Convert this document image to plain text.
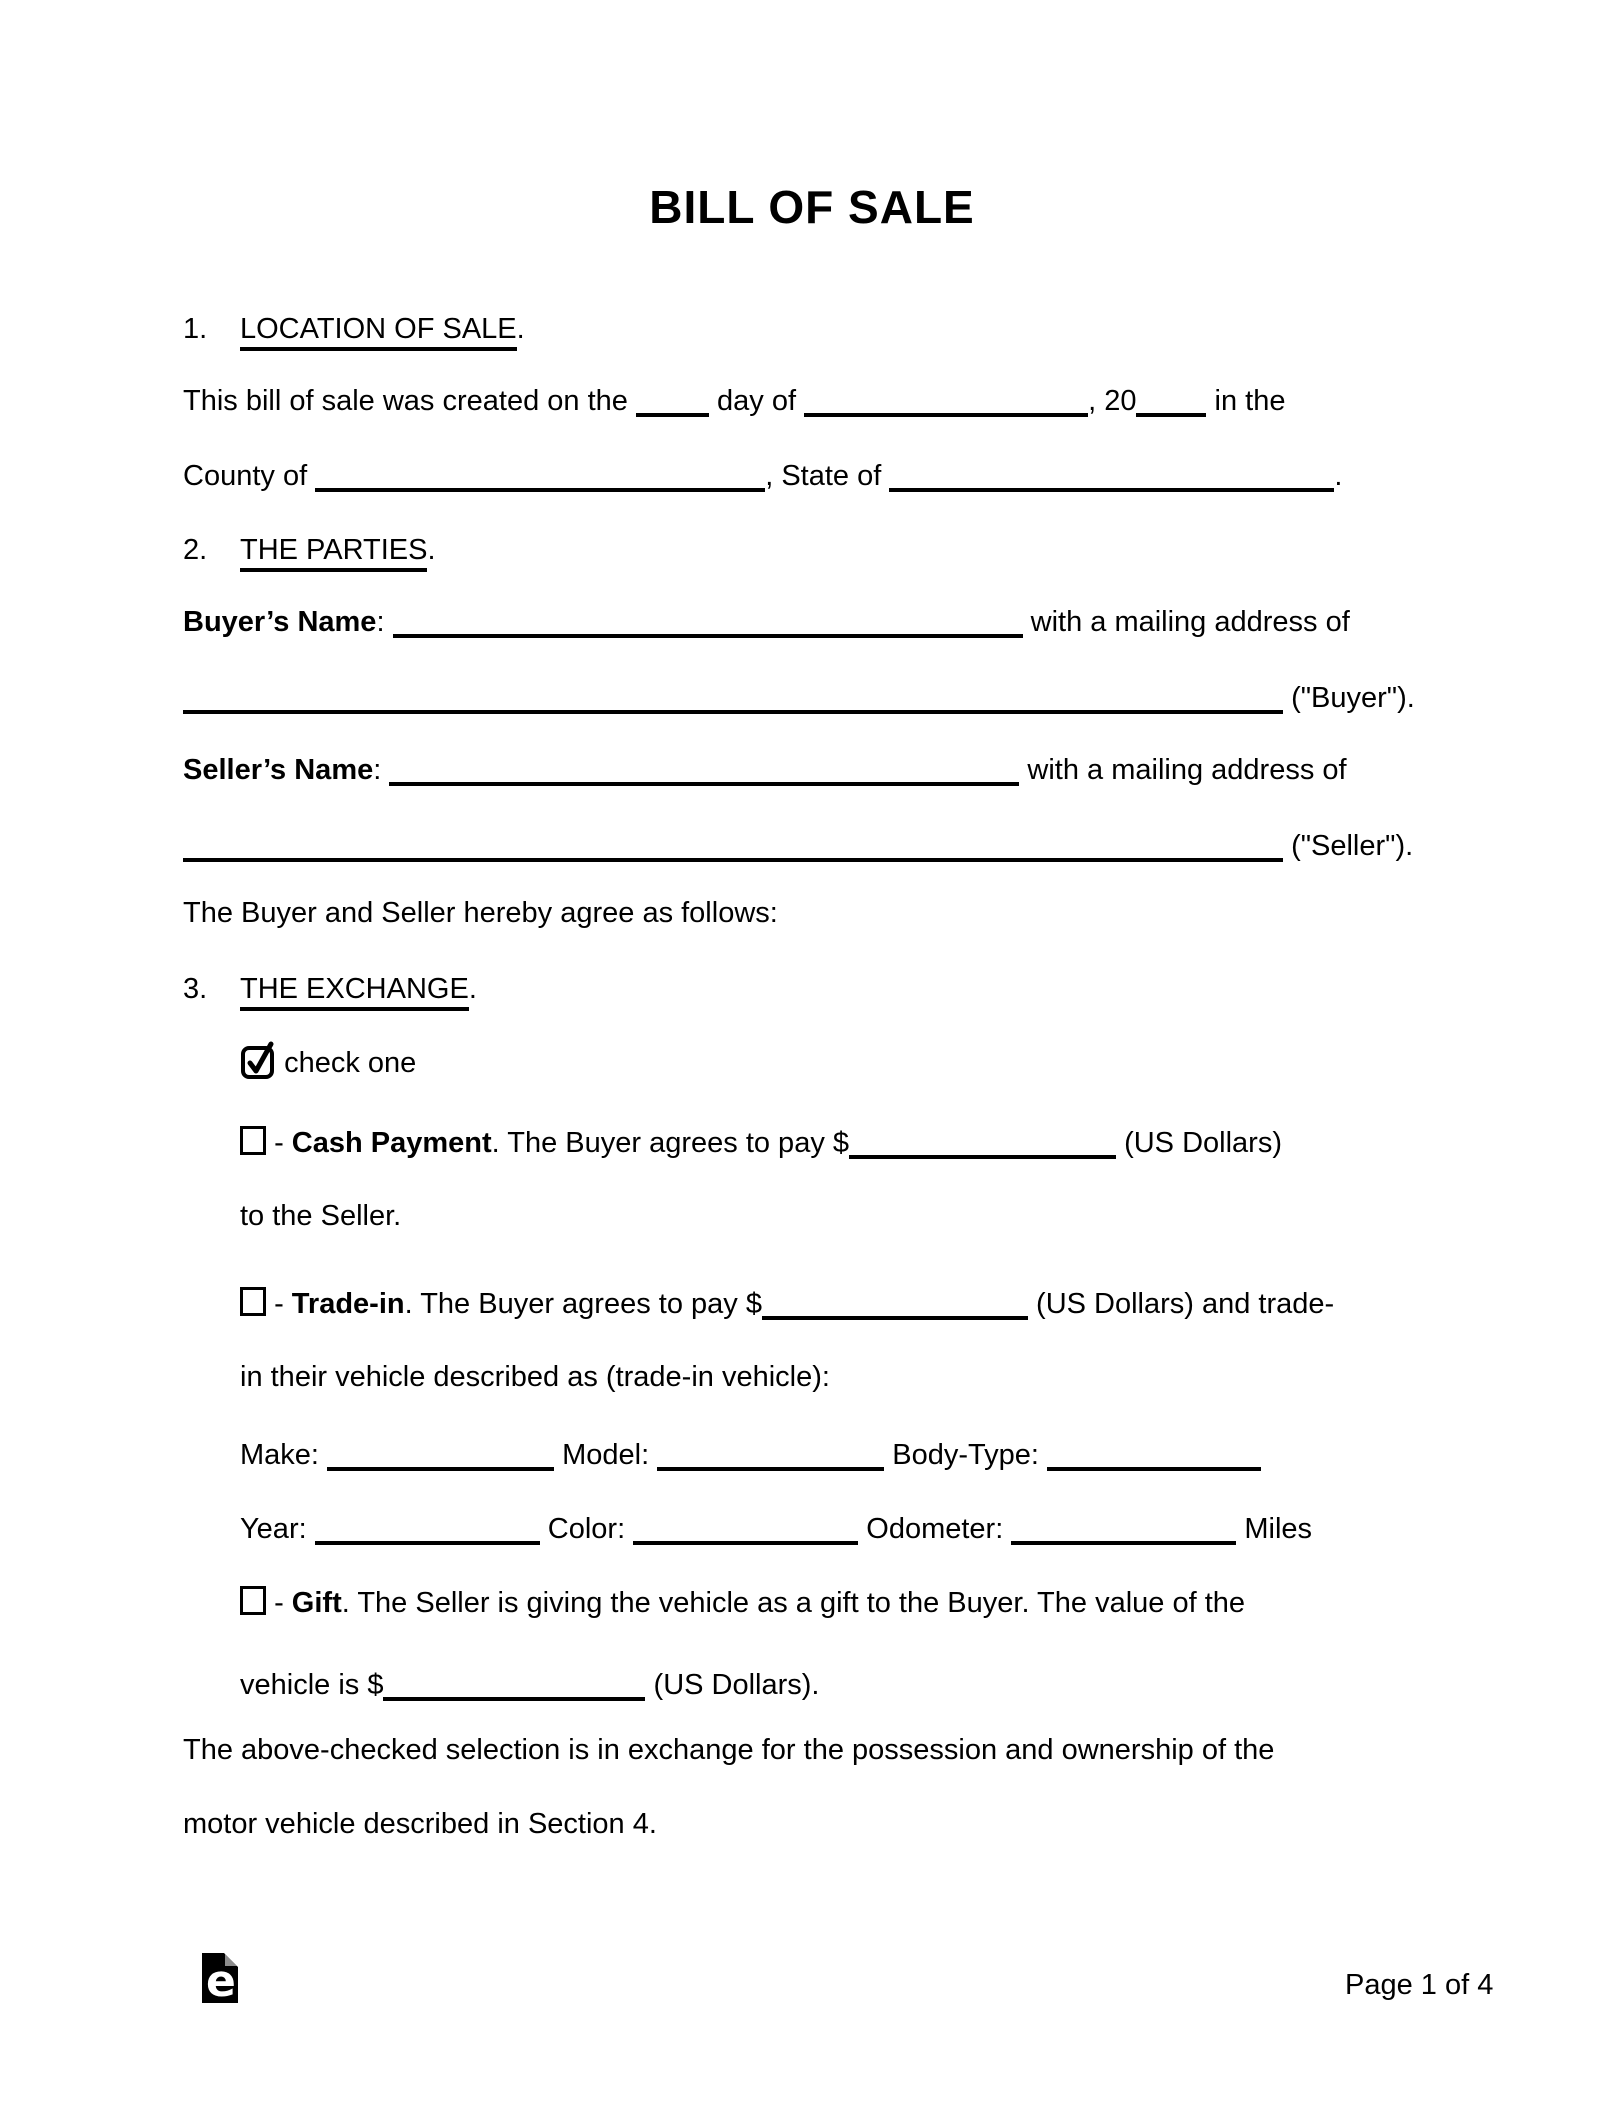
BILL OF SALE
1. LOCATION OF SALE.
This bill of sale was created on the	day of	, 20	in the
County of	, State of	.
2. THE PARTIES.
Buyer’s Name:	with a mailing address of
("Buyer").
Seller’s Name:	with a mailing address of
("Seller").
The Buyer and Seller hereby agree as follows:
3. THE EXCHANGE.
check one
- Cash Payment. The Buyer agrees to pay $	(US Dollars)
to the Seller.
- Trade-in. The Buyer agrees to pay $	(US Dollars) and trade-
in their vehicle described as (trade-in vehicle):
Make:	Model:	Body-Type:
Year:	Color:	Odometer:	Miles
- Gift. The Seller is giving the vehicle as a gift to the Buyer. The value of the
vehicle is $	(US Dollars).
The above-checked selection is in exchange for the possession and ownership of the
motor vehicle described in Section 4.
e	Page 1 of 4
